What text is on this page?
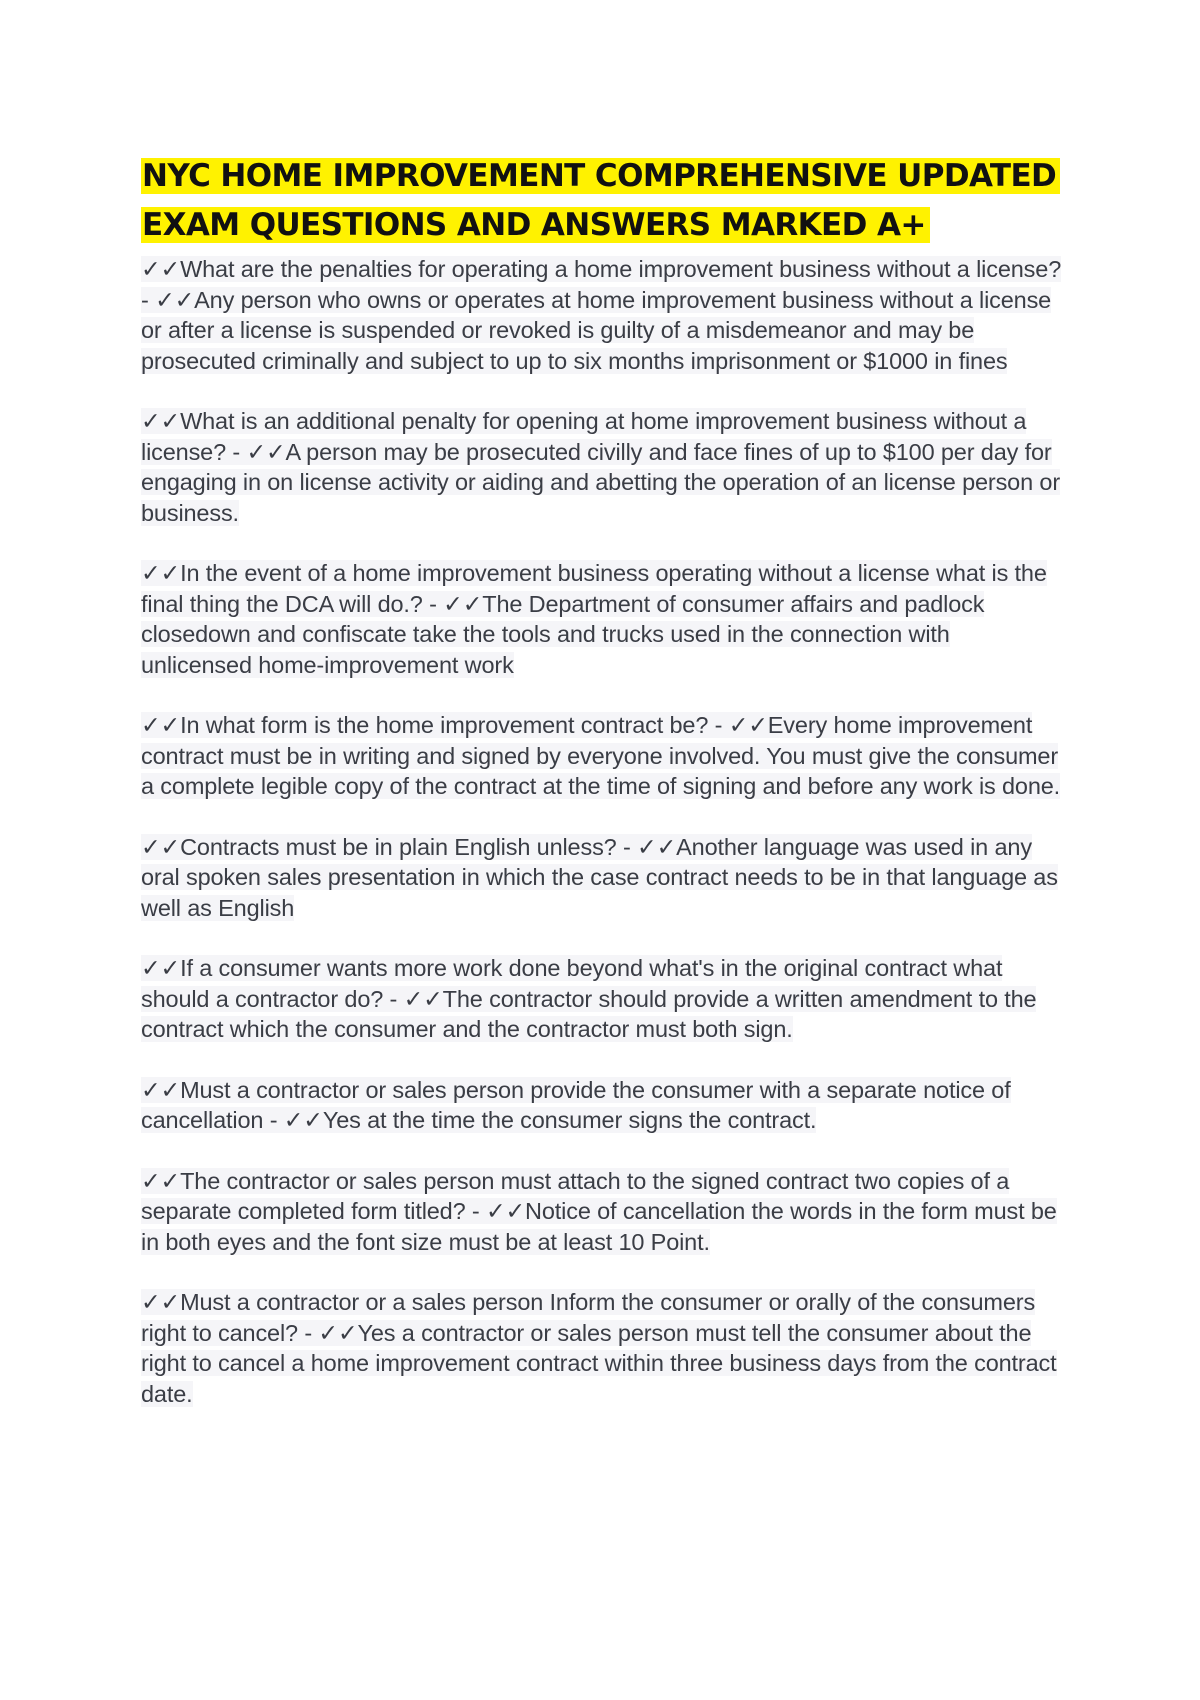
NYC HOME IMPROVEMENT COMPREHENSIVE UPDATED EXAM QUESTIONS AND ANSWERS MARKED A+

✓✓What are the penalties for operating a home improvement business without a license? - ✓✓Any person who owns or operates at home improvement business without a license or after a license is suspended or revoked is guilty of a misdemeanor and may be prosecuted criminally and subject to up to six months imprisonment or $1000 in fines

✓✓What is an additional penalty for opening at home improvement business without a license? - ✓✓A person may be prosecuted civilly and face fines of up to $100 per day for engaging in on license activity or aiding and abetting the operation of an license person or business.

✓✓In the event of a home improvement business operating without a license what is the final thing the DCA will do.? - ✓✓The Department of consumer affairs and padlock closedown and confiscate take the tools and trucks used in the connection with unlicensed home-improvement work

✓✓In what form is the home improvement contract be? - ✓✓Every home improvement contract must be in writing and signed by everyone involved. You must give the consumer a complete legible copy of the contract at the time of signing and before any work is done.

✓✓Contracts must be in plain English unless? - ✓✓Another language was used in any oral spoken sales presentation in which the case contract needs to be in that language as well as English

✓✓If a consumer wants more work done beyond what's in the original contract what should a contractor do? - ✓✓The contractor should provide a written amendment to the contract which the consumer and the contractor must both sign.

✓✓Must a contractor or sales person provide the consumer with a separate notice of cancellation - ✓✓Yes at the time the consumer signs the contract.

✓✓The contractor or sales person must attach to the signed contract two copies of a separate completed form titled? - ✓✓Notice of cancellation the words in the form must be in both eyes and the font size must be at least 10 Point.

✓✓Must a contractor or a sales person Inform the consumer or orally of the consumers right to cancel? - ✓✓Yes a contractor or sales person must tell the consumer about the right to cancel a home improvement contract within three business days from the contract date.
